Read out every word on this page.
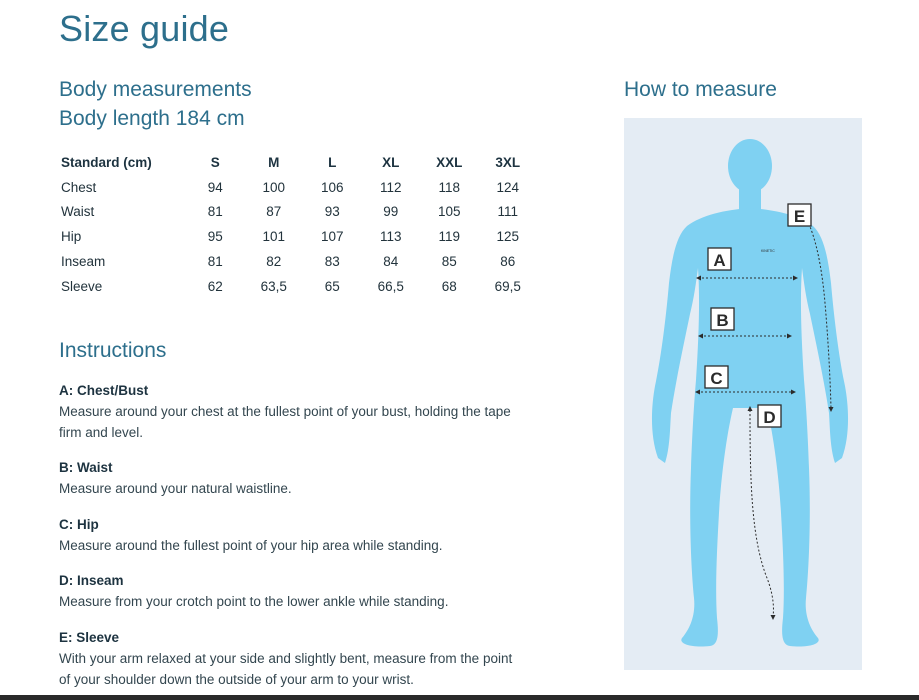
Size guide
Body measurements
Body length 184 cm
How to measure
Standard (cm)	S	M	L	XL	XXL	3XL
Chest	94	100	106	112	118	124
Waist	81	87	93	99	105	111
Hip	95	101	107	113	119	125
Inseam	81	82	83	84	85	86
Sleeve	62	63,5	65	66,5	68	69,5
Instructions
A: Chest/Bust
Measure around your chest at the fullest point of your bust, holding the tape firm and level.
B: Waist
Measure around your natural waistline.
C: Hip
Measure around the fullest point of your hip area while standing.
D: Inseam
Measure from your crotch point to the lower ankle while standing.
E: Sleeve
With your arm relaxed at your side and slightly bent, measure from the point of your shoulder down the outside of your arm to your wrist.
KINETIC
A
B
C
D
E
